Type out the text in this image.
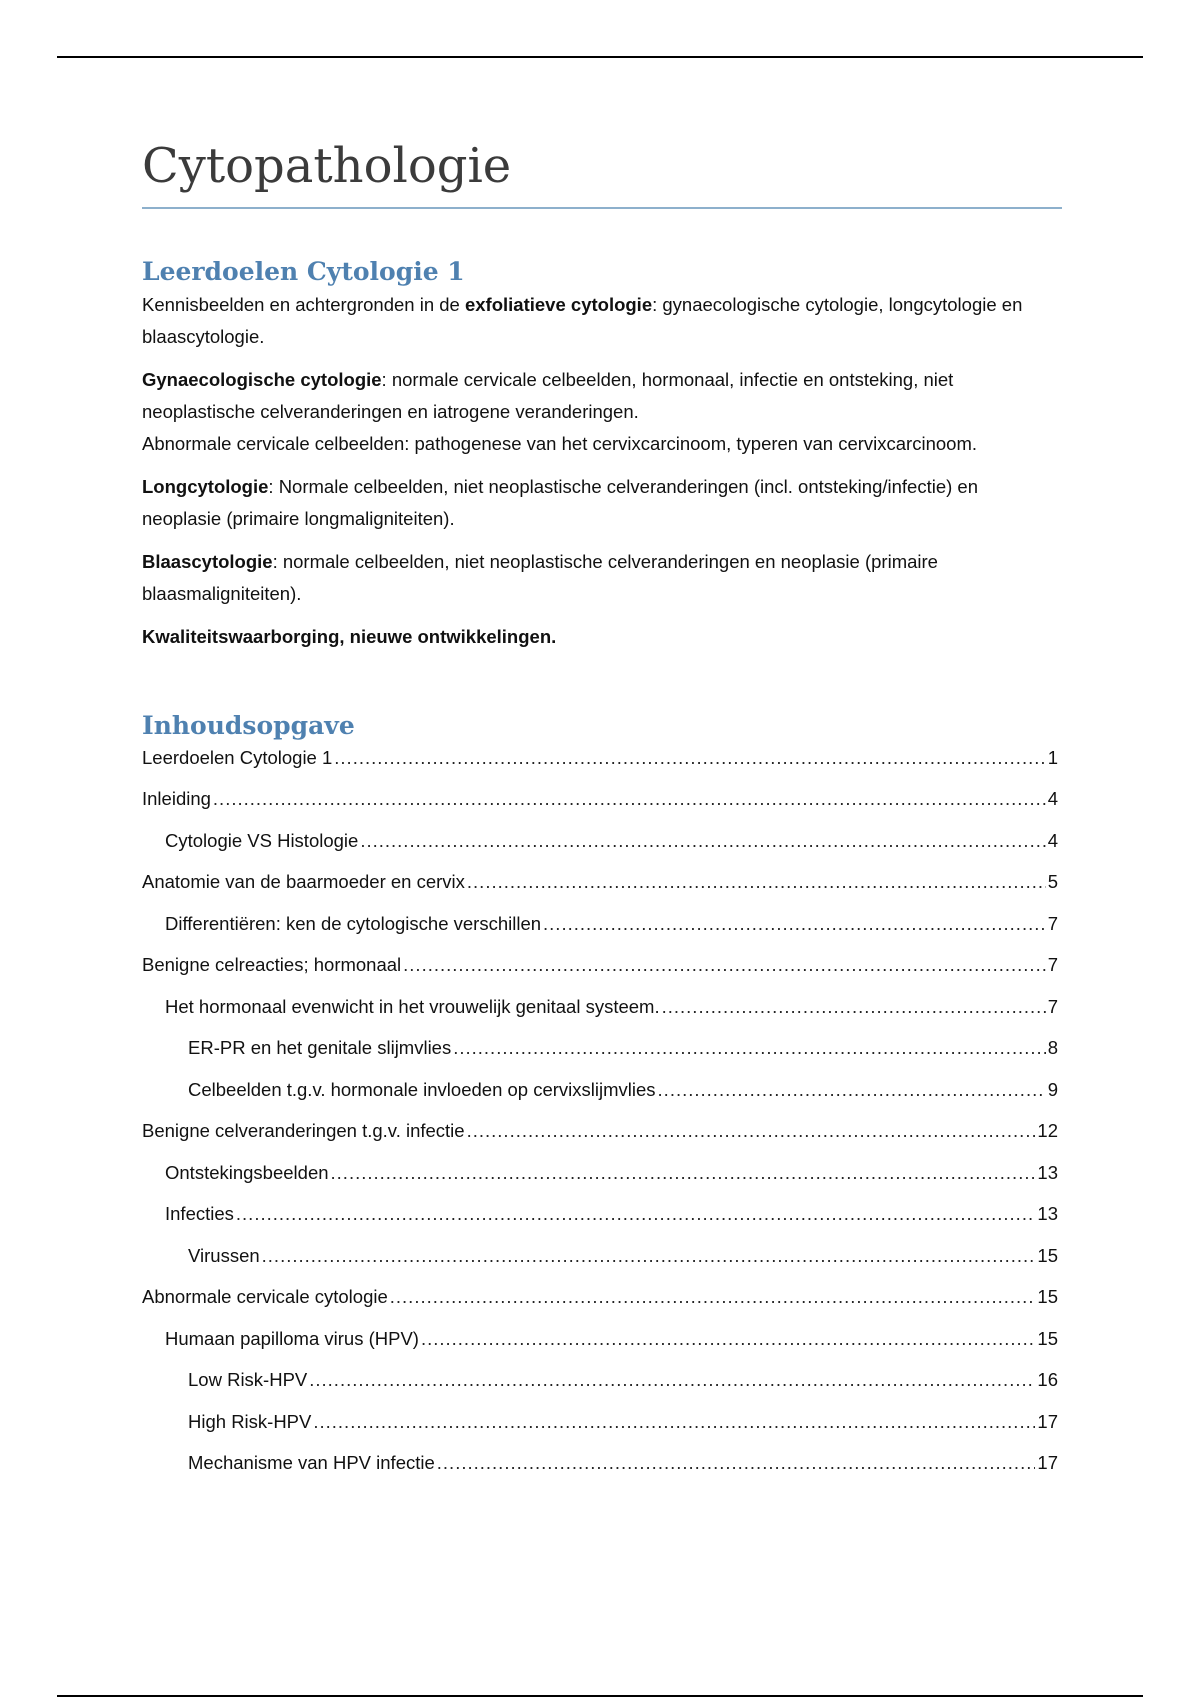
Cytopathologie
Leerdoelen Cytologie 1

Kennisbeelden en achtergronden in de exfoliatieve cytologie: gynaecologische cytologie, longcytologie en blaascytologie.

Gynaecologische cytologie: normale cervicale celbeelden, hormonaal, infectie en ontsteking, niet neoplastische celveranderingen en iatrogene veranderingen.

Abnormale cervicale celbeelden: pathogenese van het cervixcarcinoom, typeren van cervixcarcinoom.

Longcytologie: Normale celbeelden, niet neoplastische celveranderingen (incl. ontsteking/infectie) en neoplasie (primaire longmaligniteiten).

Blaascytologie: normale celbeelden, niet neoplastische celveranderingen en neoplasie (primaire blaasmaligniteiten).

Kwaliteitswaarborging, nieuwe ontwikkelingen.

Inhoudsopgave
Leerdoelen Cytologie 1 .....	1
Inleiding .....	4
Cytologie VS Histologie .....	4
Anatomie van de baarmoeder en cervix .....	5
Differentiëren: ken de cytologische verschillen .....	7
Benigne celreacties; hormonaal .....	7
Het hormonaal evenwicht in het vrouwelijk genitaal systeem. .....	7
ER-PR en het genitale slijmvlies .....	8
Celbeelden t.g.v. hormonale invloeden op cervixslijmvlies .....	9
Benigne celveranderingen t.g.v. infectie .....	12
Ontstekingsbeelden .....	13
Infecties .....	13
Virussen .....	15
Abnormale cervicale cytologie .....	15
Humaan papilloma virus (HPV) .....	15
Low Risk-HPV .....	16
High Risk-HPV .....	17
Mechanisme van HPV infectie .....	17
